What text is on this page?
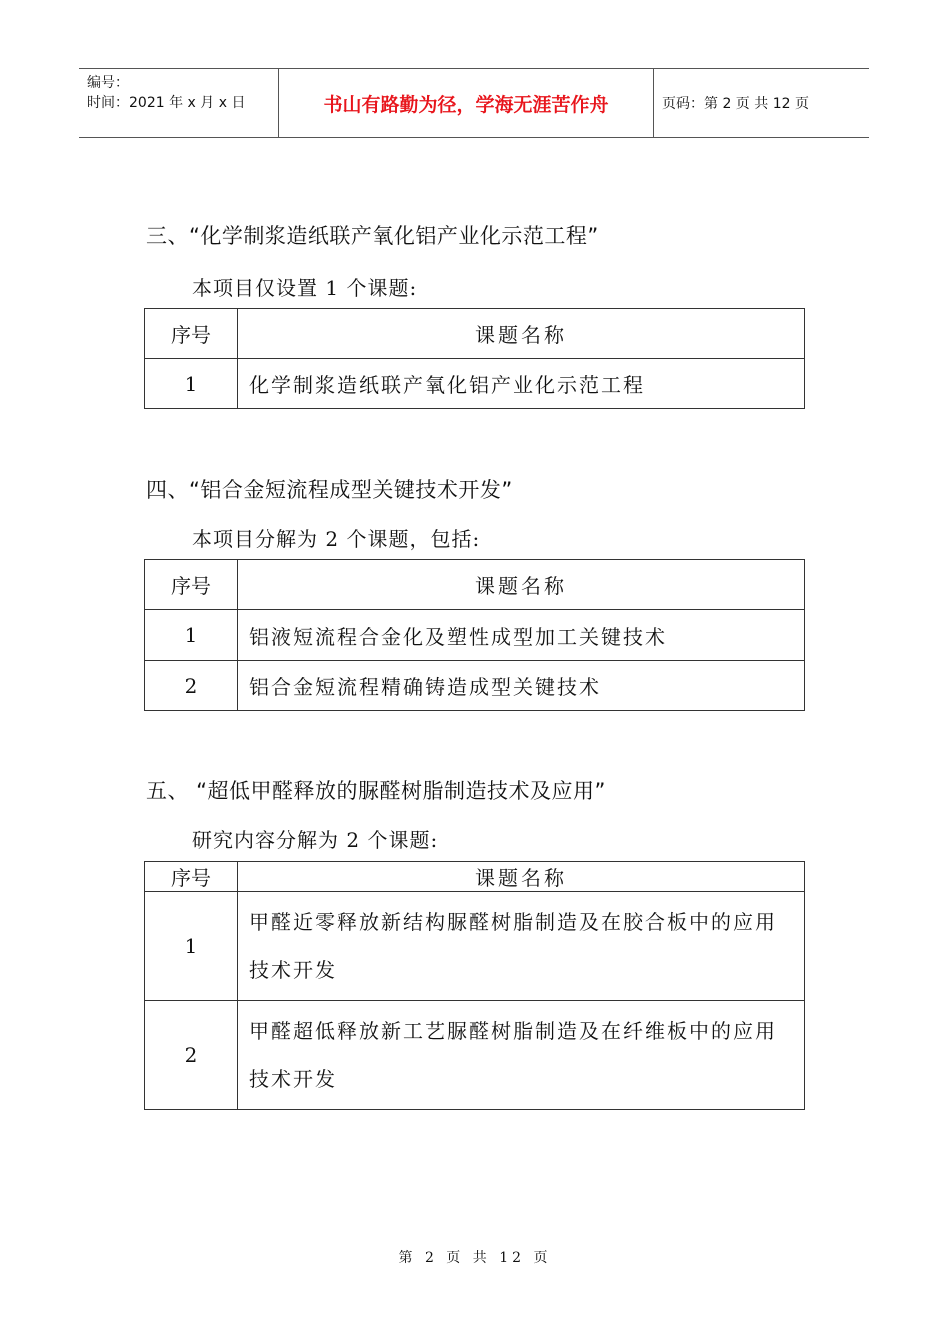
编号：
时间：2021 年 x 月 x 日	书山有路勤为径，学海无涯苦作舟	页码：第 2 页 共 12 页
三、“化学制浆造纸联产氧化铝产业化示范工程”
本项目仅设置 1 个课题:
序号	课题名称
1	化学制浆造纸联产氧化铝产业化示范工程
四、“铝合金短流程成型关键技术开发”
本项目分解为 2 个课题，包括:
序号	课题名称
1	铝液短流程合金化及塑性成型加工关键技术
2	铝合金短流程精确铸造成型关键技术
五、 “超低甲醛释放的脲醛树脂制造技术及应用”
研究内容分解为 2 个课题:
序号	课题名称
1	甲醛近零释放新结构脲醛树脂制造及在胶合板中的应用技术开发
2	甲醛超低释放新工艺脲醛树脂制造及在纤维板中的应用技术开发
第 2 页 共 12 页
